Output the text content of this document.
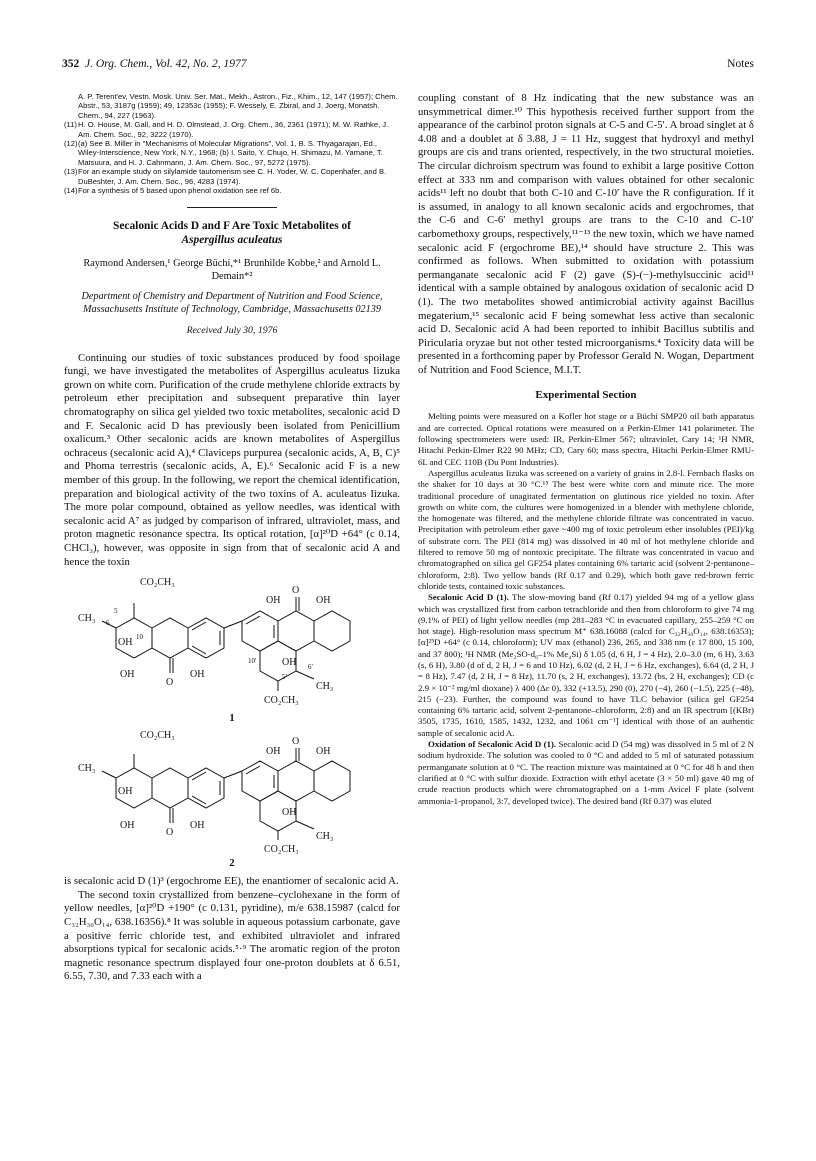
352 J. Org. Chem., Vol. 42, No. 2, 1977	Notes

A. P. Terent'ev, Vestn. Mosk. Univ. Ser. Mat., Mekh., Astron., Fiz., Khim., 12, 147 (1957); Chem. Abstr., 53, 3187g (1959); 49, 12353c (1955); F. Wessely, E. Zbiral, and J. Joerg, Monatsh. Chem., 94, 227 (1963).

(11) H. O. House, M. Gall, and H. D. Olmstead, J. Org. Chem., 36, 2361 (1971); M. W. Rathke, J. Am. Chem. Soc., 92, 3222 (1970).

(12) (a) See B. Miller in "Mechanisms of Molecular Migrations", Vol. 1, B. S. Thyagarajan, Ed., Wiley-Interscience, New York, N.Y., 1968; (b) I. Saito, Y. Chujo, H. Shimazu, M. Yamane, T. Matsuura, and H. J. Cahnmann, J. Am. Chem. Soc., 97, 5272 (1975).

(13) For an example study on silylamide tautomerism see C. H. Yoder, W. C. Copenhafer, and B. DuBeshter, J. Am. Chem. Soc., 96, 4283 (1974).

(14) For a synthesis of 5 based upon phenol oxidation see ref 6b.

Secalonic Acids D and F Are Toxic Metabolites of
Aspergillus aculeatus

Raymond Andersen,¹ George Büchi,*¹ Brunhilde Kobbe,² and Arnold L. Demain*²

Department of Chemistry and Department of Nutrition and Food Science, Massachusetts Institute of Technology, Cambridge, Massachusetts 02139

Received July 30, 1976

Continuing our studies of toxic substances produced by food spoilage fungi, we have investigated the metabolites of Aspergillus aculeatus Iizuka grown on white corn. Purification of the crude methylene chloride extracts by petroleum ether precipitation and subsequent preparative thin layer chromatography on silica gel yielded two toxic metabolites, secalonic acid D and F. Secalonic acid D has previously been isolated from Penicillium oxalicum.³ Other secalonic acids are known metabolites of Aspergillus ochraceus (secalonic acid A),⁴ Claviceps purpurea (secalonic acids, A, B, C)⁵ and Phoma terrestris (secalonic acids, A, E).⁶ Secalonic acid F is a new member of this group. In the following, we report the chemical identification, preparation and biological activity of the two toxins of A. aculeatus Iizuka. The more polar compound, obtained as yellow needles, was identical with secalonic acid A⁷ as judged by comparison of infrared, ultraviolet, mass, and proton magnetic resonance spectra. Its optical rotation, [α]²⁰D +64° (c 0.14, CHCl₃), however, was opposite in sign from that of secalonic acid A and hence the toxin

CO₂CH₃
CH₃
5
6
10
OH
OH
O
OH
OH
O
OH
OH
10′
5′
6′
CO₂CH₃
CH₃

1

CO₂CH₃
CH₃
OH
OH
O
OH
OH
O
OH
OH
CO₂CH₃
CH₃

2

is secalonic acid D (1)³ (ergochrome EE), the enantiomer of secalonic acid A.

The second toxin crystallized from benzene–cyclohexane in the form of yellow needles, [α]²⁰D +190° (c 0.131, pyridine), m/e 638.15987 (calcd for C₃₂H₃₀O₁₄, 638.16356).⁸ It was soluble in aqueous potassium carbonate, gave a positive ferric chloride test, and exhibited ultraviolet and infrared absorptions typical for secalonic acids.⁵·⁹ The aromatic region of the proton magnetic resonance spectrum displayed four one-proton doublets at δ 6.51, 6.55, 7.30, and 7.33 each with a

coupling constant of 8 Hz indicating that the new substance was an unsymmetrical dimer.¹⁰ This hypothesis received further support from the appearance of the carbinol proton signals at C-5 and C-5′. A broad singlet at δ 4.08 and a doublet at δ 3.88, J = 11 Hz, suggest that hydroxyl and methyl groups are cis and trans oriented, respectively, in the two structural moieties. The circular dichroism spectrum was found to exhibit a large positive Cotton effect at 333 nm and comparison with values obtained for other secalonic acids¹¹ left no doubt that both C-10 and C-10′ have the R configuration. If it is assumed, in analogy to all known secalonic acids and ergochromes, that the C-6 and C-6′ methyl groups are trans to the C-10 and C-10′ carbomethoxy groups, respectively,¹¹⁻¹³ the new toxin, which we have named secalonic acid F (ergochrome BE),¹⁴ should have structure 2. This was confirmed as follows. When submitted to oxidation with potassium permanganate secalonic acid F (2) gave (S)-(−)-methylsuccinic acid¹¹ identical with a sample obtained by analogous oxidation of secalonic acid D (1). The two metabolites showed antimicrobial activity against Bacillus megaterium,¹⁵ secalonic acid F being somewhat less active than secalonic acid D. Secalonic acid A had been reported to inhibit Bacillus subtilis and Piricularia oryzae but not other tested microorganisms.⁴ Toxicity data will be presented in a forthcoming paper by Professor Gerald N. Wogan, Department of Nutrition and Food Science, M.I.T.

Experimental Section

Melting points were measured on a Kofler hot stage or a Büchi SMP20 oil bath apparatus and are corrected. Optical rotations were measured on a Perkin-Elmer 141 polarimeter. The following spectrometers were used: IR, Perkin-Elmer 567; ultraviolet, Cary 14; ¹H NMR, Hitachi Perkin-Elmer R22 90 MHz; CD, Cary 60; mass spectra, Hitachi Perkin-Elmer RMU-6L and CEC 110B (Du Pont Industries).

Aspergillus aculeatus Iizuka was screened on a variety of grains in 2.8-l. Fernbach flasks on the shaker for 10 days at 30 °C.¹⁵ The best were white corn and minute rice. The more traditional procedure of unagitated fermentation on glutinous rice yielded no toxin. After growth on white corn, the cultures were homogenized in a blender with methylene chloride, the homogenate was filtered, and the methylene chloride filtrate was concentrated in vacuo. Precipitation with petroleum ether gave ~400 mg of toxic petroleum ether insolubles (PEI)/kg of substrate corn. The PEI (814 mg) was dissolved in 40 ml of hot methylene chloride and filtered to remove 50 mg of nontoxic precipitate. The filtrate was concentrated in vacuo and chromatographed on silica gel GF254 plates containing 6% tartaric acid (solvent 2-pentanone–chloroform, 2:8). Two yellow bands (Rf 0.17 and 0.29), which both gave red-brown ferric chloride tests, contained toxic substances.

Secalonic Acid D (1). The slow-moving band (Rf 0.17) yielded 94 mg of a yellow glass which was crystallized first from carbon tetrachloride and then from chloroform to give 74 mg (9.1% of PEI) of light yellow needles (mp 281–283 °C in evacuated capillary, 255–259 °C on hot stage). High-resolution mass spectrum M⁺ 638.16088 (calcd for C₃₂H₃₀O₁₄, 638.16353); [α]²⁵D +64° (c 0.14, chloroform); UV max (ethanol) 236, 265, and 338 nm (ε 17 800, 15 100, and 37 800); ¹H NMR (Me₂SO-d₆–1% Me₄Si) δ 1.05 (d, 6 H, J = 4 Hz), 2.0–3.0 (m, 6 H), 3.63 (s, 6 H), 3.80 (d of d, 2 H, J = 6 and 10 Hz), 6.02 (d, 2 H, J = 6 Hz, exchanges), 6.64 (d, 2 H, J = 8 Hz), 7.47 (d, 2 H, J = 8 Hz), 11.70 (s, 2 H, exchanges), 13.72 (bs, 2 H, exchanges); CD (c 2.9 × 10⁻² mg/ml dioxane) λ 400 (Δε 0), 332 (+13.5), 290 (0), 270 (−4), 260 (−1.5), 225 (−48), 215 (−23). Further, the compound was found to have TLC behavior (silica gel GF254 containing 6% tartaric acid, solvent 2-pentanone–chloroform, 2:8) and an IR spectrum [(KBr) 3505, 1735, 1610, 1585, 1432, 1232, and 1061 cm⁻¹] identical with those of an authentic sample of secalonic acid A.

Oxidation of Secalonic Acid D (1). Secalonic acid D (54 mg) was dissolved in 5 ml of 2 N sodium hydroxide. The solution was cooled to 0 °C and added to 5 ml of saturated potassium permanganate solution at 0 °C. The reaction mixture was maintained at 0 °C for 48 h and then clarified at 0 °C with sulfur dioxide. Extraction with ethyl acetate (3 × 50 ml) gave 40 mg of crude reaction products which were chromatographed on a 1-mm Avicel F plate (solvent ammonia-1-propanol, 3:7, developed twice). The desired band (Rf 0.37) was eluted
